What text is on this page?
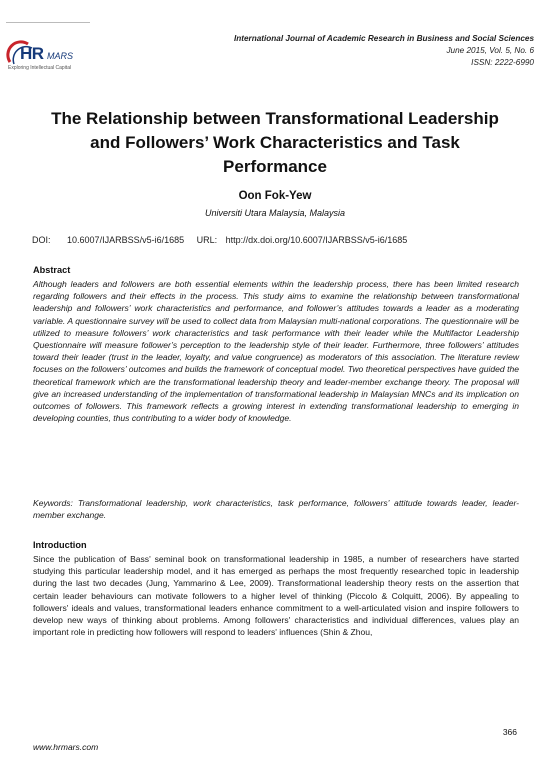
HR MARS
Exploring Intellectual Capital
International Journal of Academic Research in Business and Social Sciences
June 2015, Vol. 5, No. 6
ISSN: 2222-6990
The Relationship between Transformational Leadership and Followers’ Work Characteristics and Task Performance
Oon Fok-Yew
Universiti Utara Malaysia, Malaysia
DOI: 10.6007/IJARBSS/v5-i6/1685 URL: http://dx.doi.org/10.6007/IJARBSS/v5-i6/1685
Abstract
Although leaders and followers are both essential elements within the leadership process, there has been limited research regarding followers and their effects in the process. This study aims to examine the relationship between transformational leadership and followers’ work characteristics and performance, and follower’s attitudes towards a leader as a moderating variable. A questionnaire survey will be used to collect data from Malaysian multi-national corporations. The questionnaire will be utilized to measure followers’ work characteristics and task performance with their leader while the Multifactor Leadership Questionnaire will measure follower’s perception to the leadership style of their leader. Furthermore, three followers’ attitudes toward their leader (trust in the leader, loyalty, and value congruence) as moderators of this association. The literature review focuses on the followers’ outcomes and builds the framework of conceptual model. Two theoretical perspectives have guided the theoretical framework which are the transformational leadership theory and leader-member exchange theory. The proposal will give an increased understanding of the implementation of transformational leadership in Malaysian MNCs and its implication on outcomes of followers. This framework reflects a growing interest in extending transformational leadership to emerging in developing counties, thus contributing to a wider body of knowledge.
Keywords: Transformational leadership, work characteristics, task performance, followers’ attitude towards leader, leader-member exchange.
Introduction
Since the publication of Bass' seminal book on transformational leadership in 1985, a number of researchers have started studying this particular leadership model, and it has emerged as perhaps the most frequently researched topic in leadership during the last two decades (Jung, Yammarino & Lee, 2009). Transformational leadership theory rests on the assertion that certain leader behaviours can motivate followers to a higher level of thinking (Piccolo & Colquitt, 2006). By appealing to followers' ideals and values, transformational leaders enhance commitment to a well-articulated vision and inspire followers to develop new ways of thinking about problems. Among followers' characteristics and individual differences, values play an important role in predicting how followers will respond to leaders' influences (Shin & Zhou,
366
www.hrmars.com
